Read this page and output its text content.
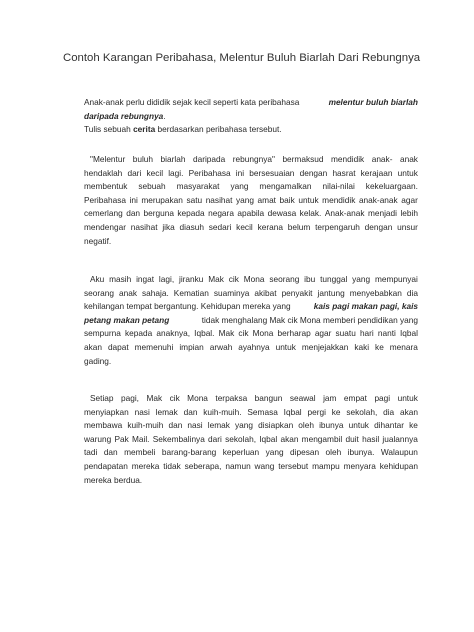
Contoh Karangan Peribahasa, Melentur Buluh Biarlah Dari Rebungnya
Anak-anak perlu dididik sejak kecil seperti kata peribahasa	melentur buluh biarlah
daripada rebungnya.
Tulis sebuah cerita berdasarkan peribahasa tersebut.
"Melentur buluh biarlah daripada rebungnya" bermaksud mendidik anak- anak
hendaklah dari kecil lagi. Peribahasa ini bersesuaian dengan hasrat kerajaan untuk
membentuk sebuah masyarakat yang mengamalkan nilai-nilai kekeluargaan.
Peribahasa ini merupakan satu nasihat yang amat baik untuk mendidik anak-anak agar
cemerlang dan berguna kepada negara apabila dewasa kelak. Anak-anak menjadi lebih
mendengar nasihat jika diasuh sedari kecil kerana belum terpengaruh dengan unsur
negatif.
Aku masih ingat lagi, jiranku Mak cik Mona seorang ibu tunggal yang mempunyai
seorang anak sahaja. Kematian suaminya akibat penyakit jantung menyebabkan dia
kehilangan tempat bergantung. Kehidupan mereka yang	kais pagi makan pagi, kais
petang makan petang	tidak menghalang Mak cik Mona memberi pendidikan yang
sempurna kepada anaknya, Iqbal. Mak cik Mona berharap agar suatu hari nanti Iqbal
akan dapat memenuhi impian arwah ayahnya untuk menjejakkan kaki ke menara
gading.
Setiap pagi, Mak cik Mona terpaksa bangun seawal jam empat pagi untuk
menyiapkan nasi lemak dan kuih-muih. Semasa Iqbal pergi ke sekolah, dia akan
membawa kuih-muih dan nasi lemak yang disiapkan oleh ibunya untuk dihantar ke
warung Pak Mail. Sekembalinya dari sekolah, Iqbal akan mengambil duit hasil jualannya
tadi dan membeli barang-barang keperluan yang dipesan oleh ibunya. Walaupun
pendapatan mereka tidak seberapa, namun wang tersebut mampu menyara kehidupan
mereka berdua.
